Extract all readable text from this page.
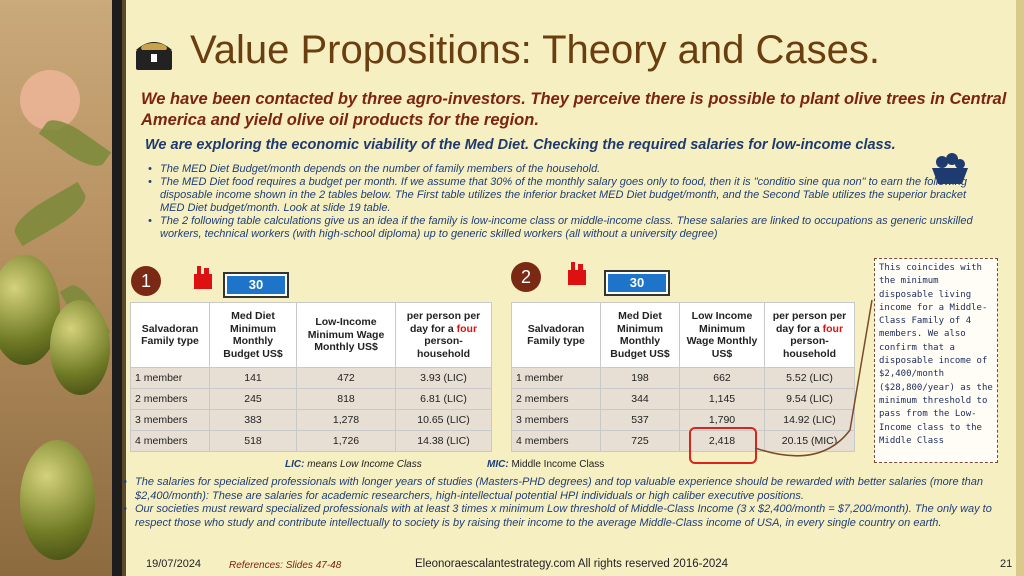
Value Propositions: Theory and Cases.
We have been contacted by three agro-investors. They perceive there is possible to plant olive trees in Central America and yield olive oil products for the region.
We are exploring the economic viability of the Med Diet. Checking the required salaries for low-income class.
• The MED Diet Budget/month depends on the number of family members of the household.
• The MED Diet food requires a budget per month. If we assume that 30% of the monthly salary goes only to food, then it is "conditio sine qua non" to earn the following disposable income shown in the 2 tables below. The First table utilizes the inferior bracket MED Diet budget/month, and the Second Table utilizes the superior bracket MED Diet budget/month. Look at slide 19 table.
• The 2 following table calculations give us an idea if the family is low-income class or middle-income class. These salaries are linked to occupations as generic unskilled workers, technical workers (with high-school diploma) up to generic skilled workers (all without a university degree)
1	30
Salvadoran Family type	Med Diet Minimum Monthly Budget US$	Low-Income Minimum Wage Monthly US$	per person per day for a four person-household
1 member	141	472	3.93 (LIC)
2 members	245	818	6.81 (LIC)
3 members	383	1,278	10.65 (LIC)
4 members	518	1,726	14.38 (LIC)
2	30
Salvadoran Family type	Med Diet Minimum Monthly Budget US$	Low Income Minimum Wage Monthly US$	per person per day for a four person-household
1 member	198	662	5.52 (LIC)
2 members	344	1,145	9.54 (LIC)
3 members	537	1,790	14.92 (LIC)
4 members	725	2,418	20.15 (MIC)
This coincides with the minimum disposable living income for a Middle-Class Family of 4 members. We also confirm that a disposable income of $2,400/month ($28,800/year) as the minimum threshold to pass from the Low-Income class to the Middle Class
LIC: means Low Income Class	MIC: Middle Income Class
• The salaries for specialized professionals with longer years of studies (Masters-PHD degrees) and top valuable experience should be rewarded with better salaries (more than $2,400/month): These are salaries for academic researchers, high-intellectual potential HPI individuals or high caliber executive positions.
• Our societies must reward specialized professionals with at least 3 times x minimum Low threshold of Middle-Class Income (3 x $2,400/month = $7,200/month). The only way to respect those who study and contribute intellectually to society is by raising their income to the average Middle-Class income of USA, in every single country on earth.
19/07/2024	References: Slides 47-48	Eleonoraescalantestrategy.com All rights reserved 2016-2024	21
